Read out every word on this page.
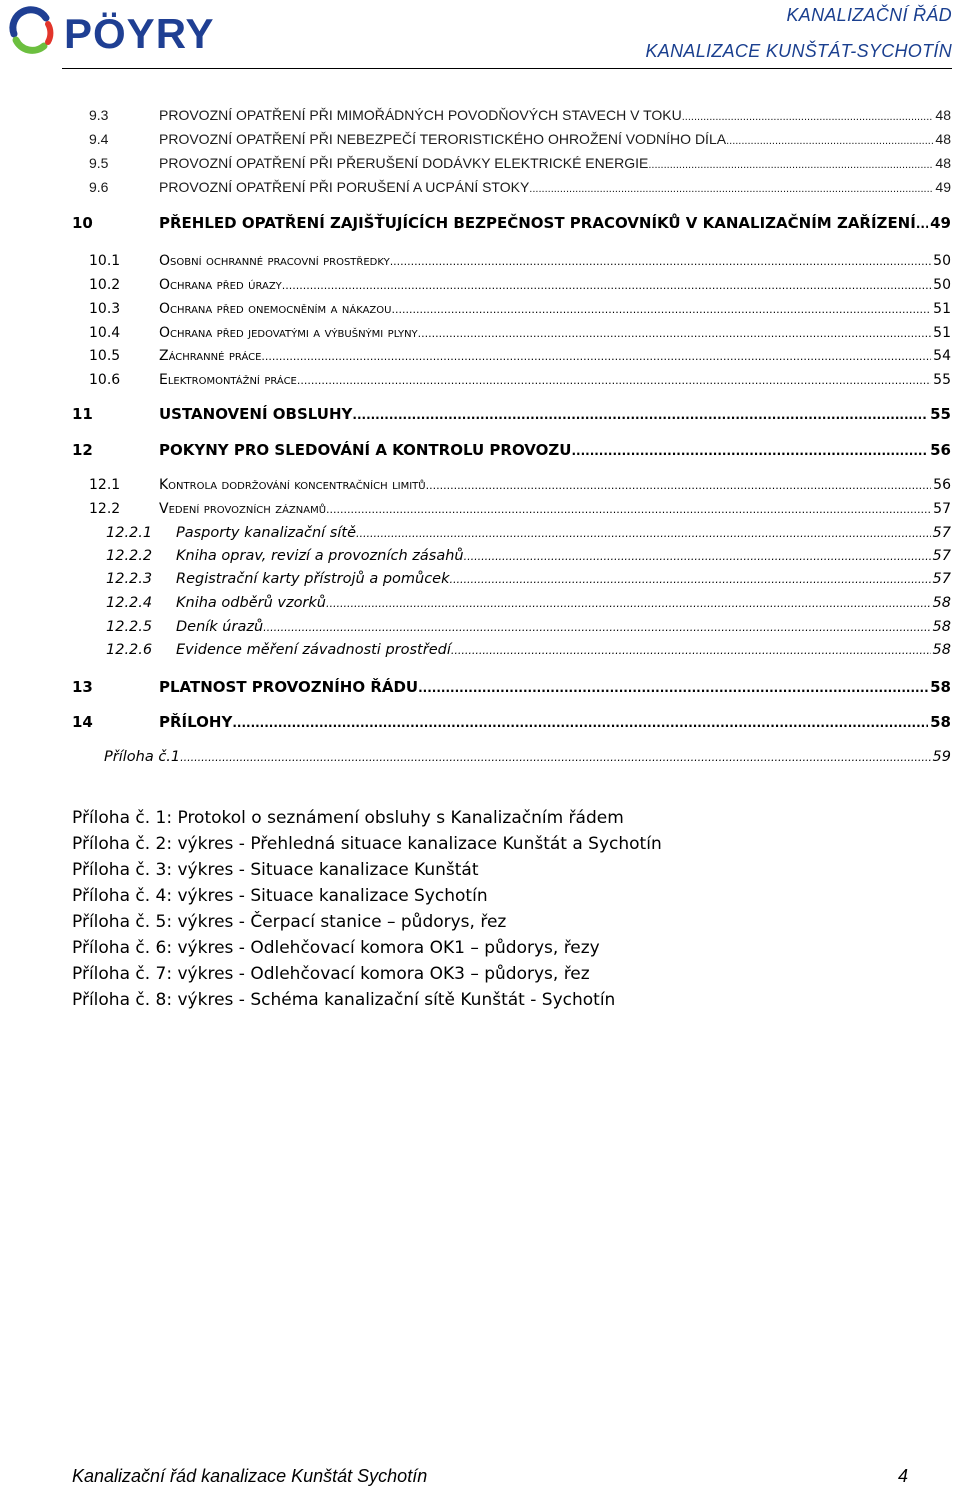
PÖYRY	KANALIZAČNÍ ŘÁD
KANALIZACE KUNŠTÁT-SYCHOTÍN
9.3	PROVOZNÍ OPATŘENÍ PŘI MIMOŘÁDNÝCH POVODŇOVÝCH STAVECH V TOKU .....	48
9.4	PROVOZNÍ OPATŘENÍ PŘI NEBEZPEČÍ TERORISTICKÉHO OHROŽENÍ VODNÍHO DÍLA .....	48
9.5	PROVOZNÍ OPATŘENÍ PŘI PŘERUŠENÍ DODÁVKY ELEKTRICKÉ ENERGIE .....	48
9.6	PROVOZNÍ OPATŘENÍ PŘI PORUŠENÍ A UCPÁNÍ STOKY .....	49
10	PŘEHLED OPATŘENÍ ZAJIŠŤUJÍCÍCH BEZPEČNOST PRACOVNÍKŮ V KANALIZAČNÍM ZAŘÍZENÍ ..... 49
10.1	Osobní ochranné pracovní prostředky .....	50
10.2	Ochrana před úrazy .....	50
10.3	Ochrana před onemocněním a nákazou .....	51
10.4	Ochrana před jedovatými a výbušnými plyny .....	51
10.5	Záchranné práce .....	54
10.6	Elektromontážní práce .....	55
11	USTANOVENÍ OBSLUHY .....	55
12	POKYNY PRO SLEDOVÁNÍ A KONTROLU PROVOZU .....	56
12.1	Kontrola dodržování koncentračních limitů .....	56
12.2	Vedení provozních záznamů .....	57
12.2.1	Pasporty kanalizační sítě .....	57
12.2.2	Kniha oprav, revizí a provozních zásahů .....	57
12.2.3	Registrační karty přístrojů a pomůcek .....	57
12.2.4	Kniha odběrů vzorků .....	58
12.2.5	Deník úrazů .....	58
12.2.6	Evidence měření závadnosti prostředí .....	58
13	PLATNOST PROVOZNÍHO ŘÁDU .....	58
14	PŘÍLOHY .....	58
Příloha č.1 .....	59
Příloha č. 1: Protokol o seznámení obsluhy s Kanalizačním řádem
Příloha č. 2: výkres - Přehledná situace kanalizace Kunštát a Sychotín
Příloha č. 3: výkres - Situace kanalizace Kunštát
Příloha č. 4: výkres - Situace kanalizace Sychotín
Příloha č. 5: výkres - Čerpací stanice – půdorys, řez
Příloha č. 6: výkres - Odlehčovací komora OK1 – půdorys, řezy
Příloha č. 7: výkres - Odlehčovací komora OK3 – půdorys, řez
Příloha č. 8: výkres - Schéma kanalizační sítě Kunštát - Sychotín
Kanalizační řád kanalizace Kunštát Sychotín	4
